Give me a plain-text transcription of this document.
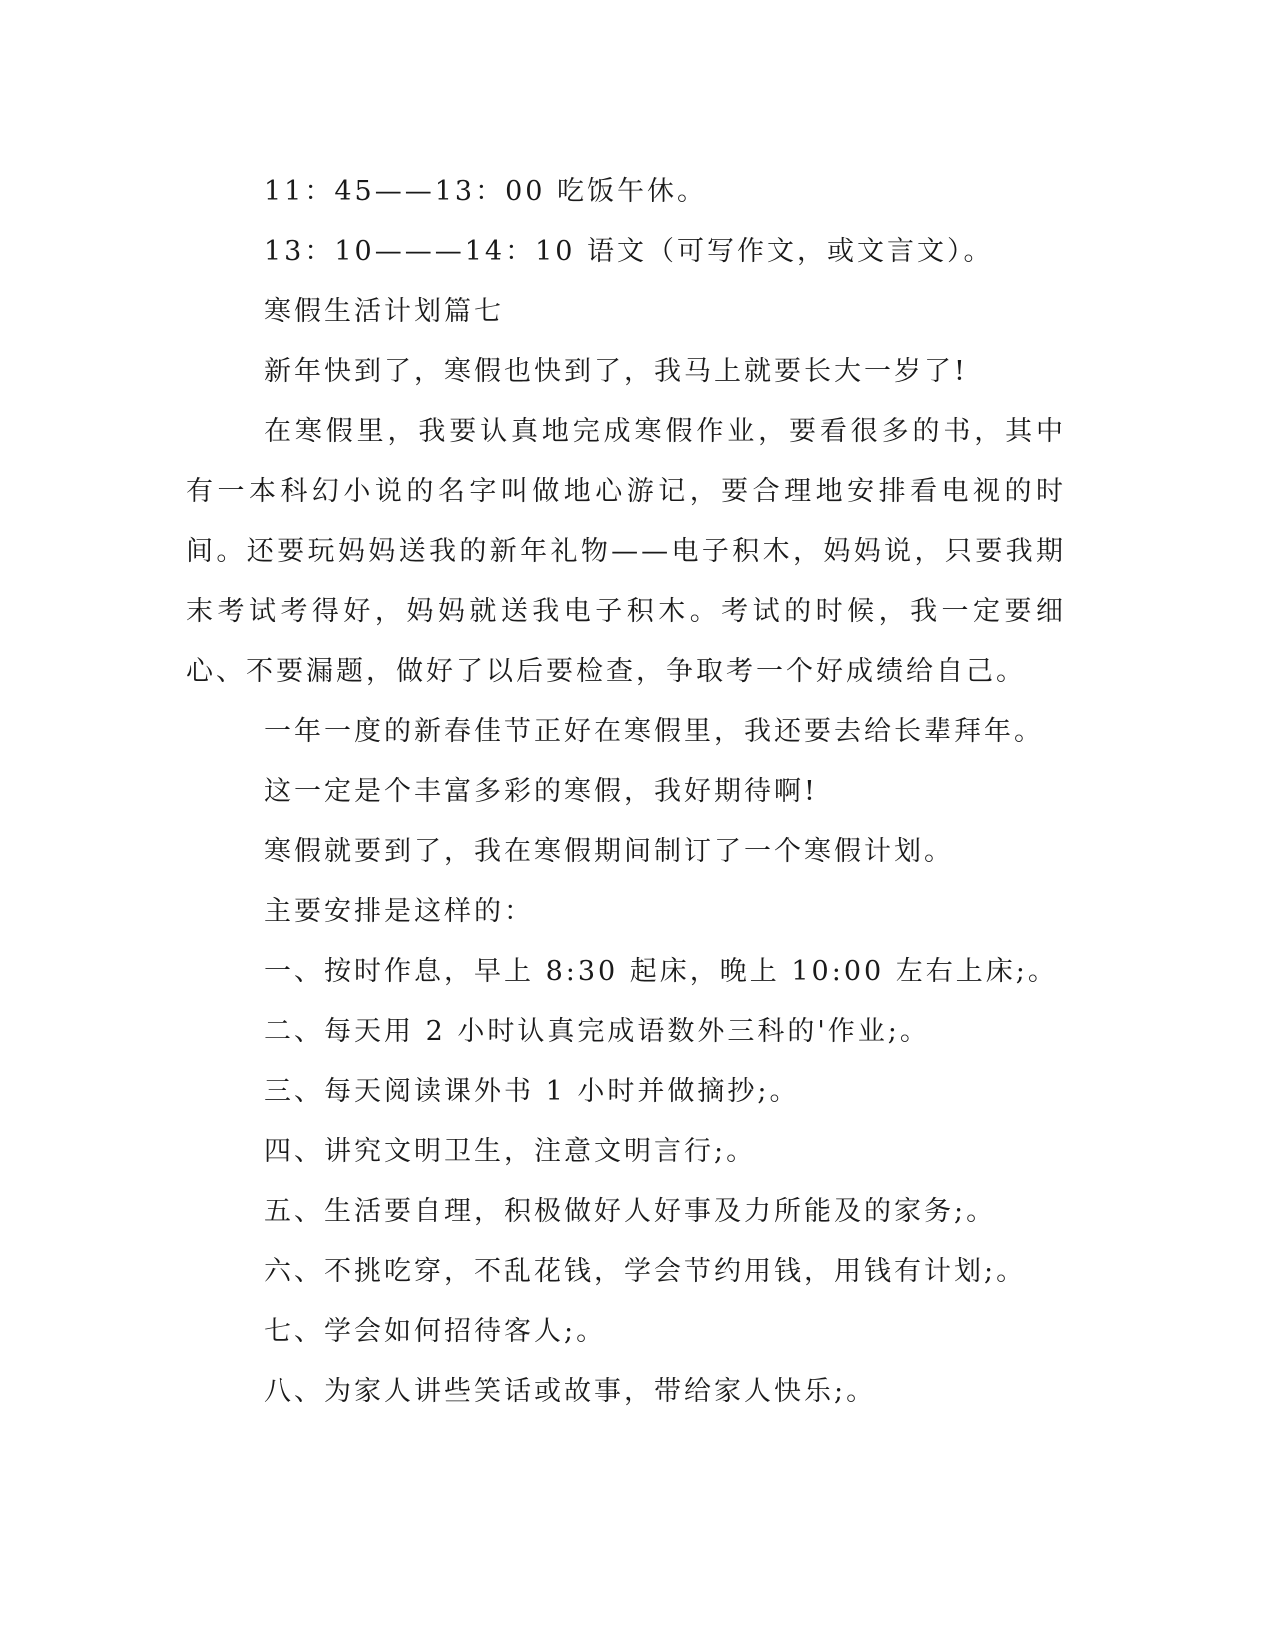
11：45——13：00 吃饭午休。

13：10———14：10 语文（可写作文，或文言文）。

寒假生活计划篇七

新年快到了，寒假也快到了，我马上就要长大一岁了!

在寒假里，我要认真地完成寒假作业，要看很多的书，其中有一本科幻小说的名字叫做地心游记，要合理地安排看电视的时间。还要玩妈妈送我的新年礼物——电子积木，妈妈说，只要我期末考试考得好，妈妈就送我电子积木。考试的时候，我一定要细心、不要漏题，做好了以后要检查，争取考一个好成绩给自己。

一年一度的新春佳节正好在寒假里，我还要去给长辈拜年。

这一定是个丰富多彩的寒假，我好期待啊!

寒假就要到了，我在寒假期间制订了一个寒假计划。

主要安排是这样的：

一、按时作息，早上 8:30 起床，晚上 10:00 左右上床;。

二、每天用 2 小时认真完成语数外三科的'作业;。

三、每天阅读课外书 1 小时并做摘抄;。

四、讲究文明卫生，注意文明言行;。

五、生活要自理，积极做好人好事及力所能及的家务;。

六、不挑吃穿，不乱花钱，学会节约用钱，用钱有计划;。

七、学会如何招待客人;。

八、为家人讲些笑话或故事，带给家人快乐;。
